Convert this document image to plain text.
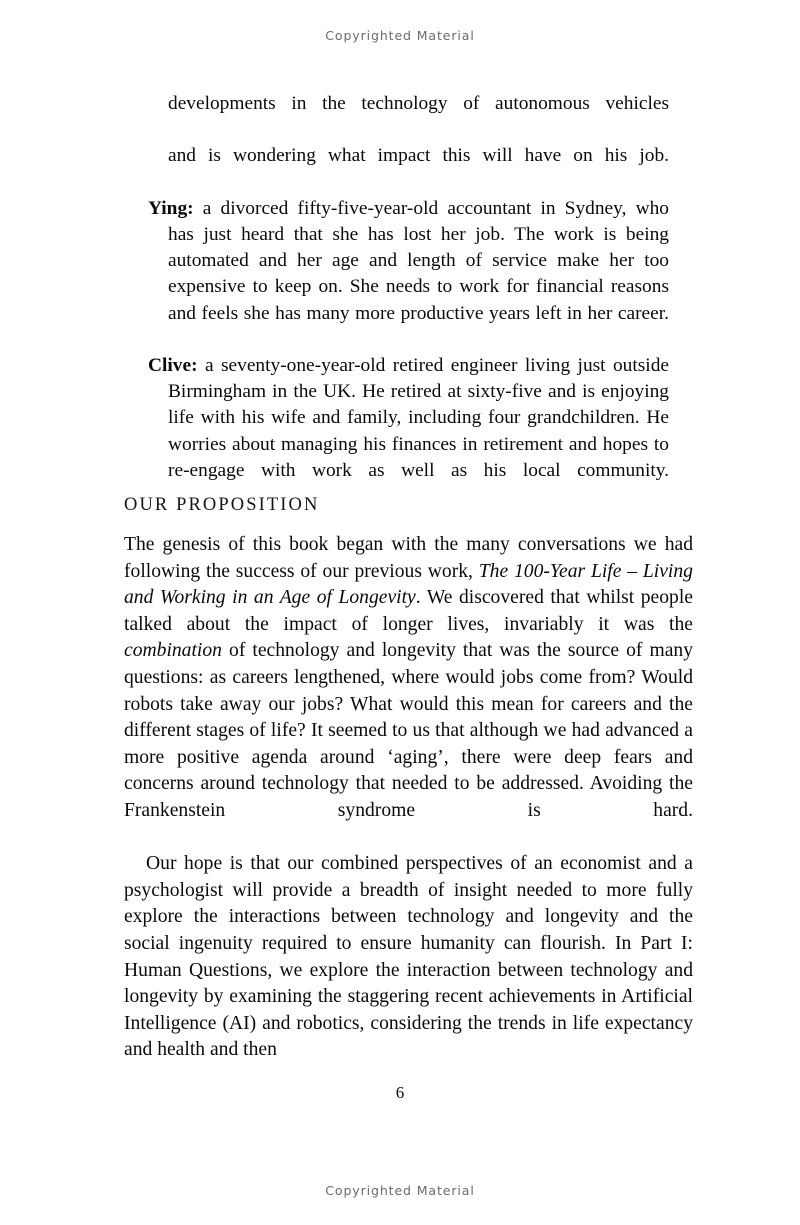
Copyrighted Material

developments in the technology of autonomous vehicles

and is wondering what impact this will have on his job.

Ying: a divorced fifty-five-year-old accountant in Sydney, who has just heard that she has lost her job. The work is being automated and her age and length of service make her too expensive to keep on. She needs to work for financial reasons and feels she has many more productive years left in her career.

Clive: a seventy-one-year-old retired engineer living just outside Birmingham in the UK. He retired at sixty-five and is enjoying life with his wife and family, including four grandchildren. He worries about managing his finances in retirement and hopes to re-engage with work as well as his local community.

OUR PROPOSITION

The genesis of this book began with the many conversations we had following the success of our previous work, The 100-Year Life – Living and Working in an Age of Longevity. We discovered that whilst people talked about the impact of longer lives, invariably it was the combination of technology and longevity that was the source of many questions: as careers lengthened, where would jobs come from? Would robots take away our jobs? What would this mean for careers and the different stages of life? It seemed to us that although we had advanced a more positive agenda around ‘aging’, there were deep fears and concerns around technology that needed to be addressed. Avoiding the Frankenstein syndrome is hard.

Our hope is that our combined perspectives of an economist and a psychologist will provide a breadth of insight needed to more fully explore the interactions between technology and longevity and the social ingenuity required to ensure humanity can flourish. In Part I: Human Questions, we explore the interaction between technology and longevity by examining the staggering recent achievements in Artificial Intelligence (AI) and robotics, considering the trends in life expectancy and health and then

6
Copyrighted Material
